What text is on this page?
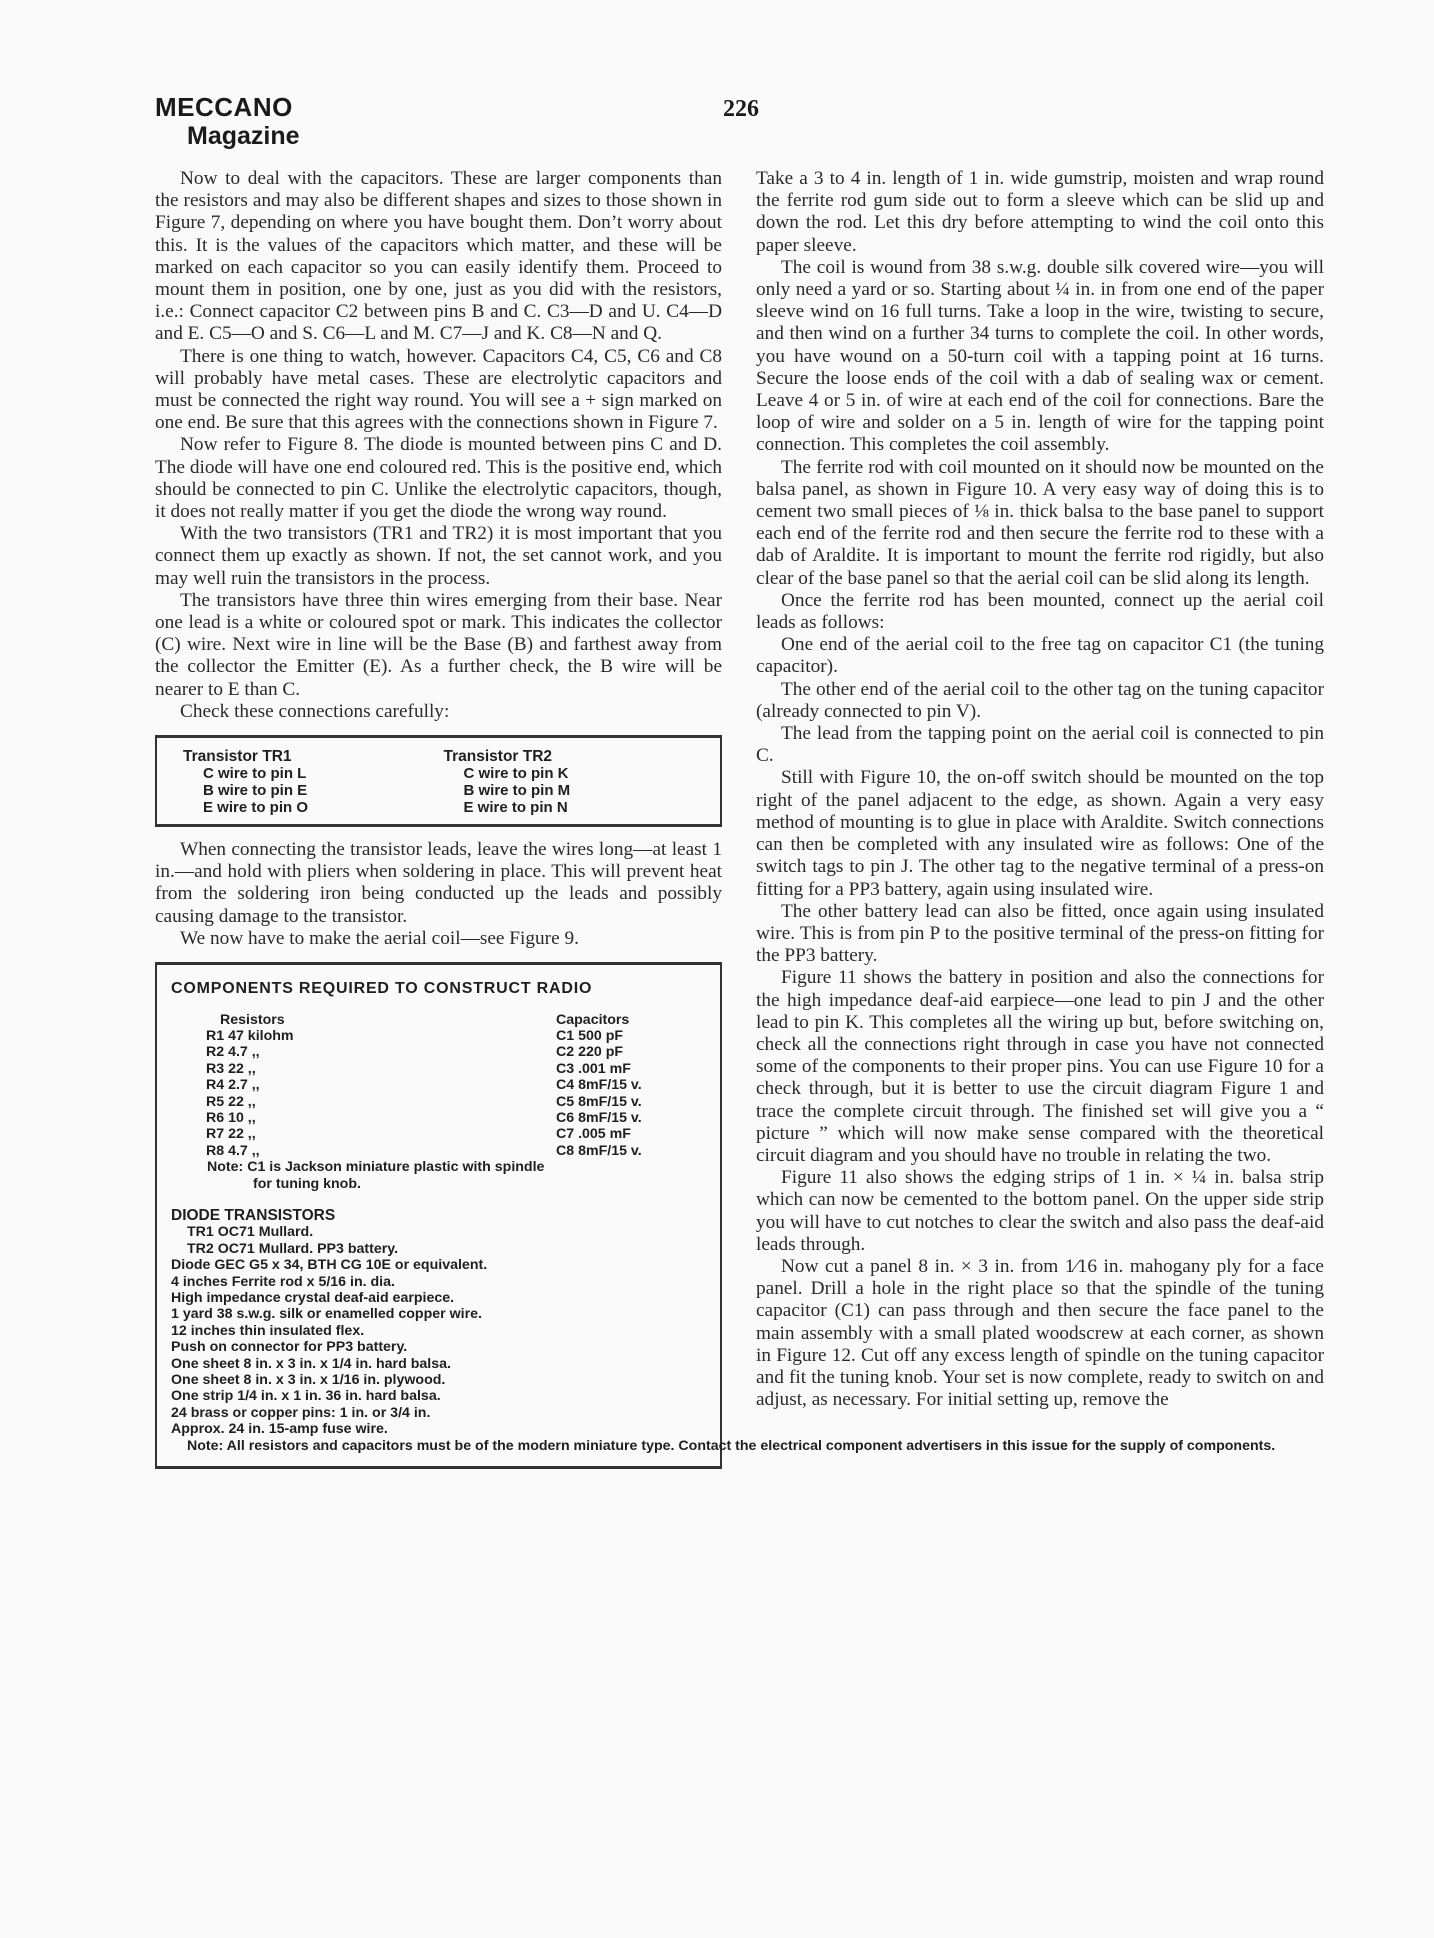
MECCANO
Magazine
226

Now to deal with the capacitors. These are larger components than the resistors and may also be different shapes and sizes to those shown in Figure 7, depending on where you have bought them. Don’t worry about this. It is the values of the capacitors which matter, and these will be marked on each capacitor so you can easily identify them. Proceed to mount them in position, one by one, just as you did with the resistors, i.e.: Connect capacitor C2 between pins B and C. C3—D and U. C4—D and E. C5—O and S. C6—L and M. C7—J and K. C8—N and Q.

There is one thing to watch, however. Capacitors C4, C5, C6 and C8 will probably have metal cases. These are electrolytic capacitors and must be connected the right way round. You will see a + sign marked on one end. Be sure that this agrees with the connections shown in Figure 7.

Now refer to Figure 8. The diode is mounted between pins C and D. The diode will have one end coloured red. This is the positive end, which should be connected to pin C. Unlike the electrolytic capacitors, though, it does not really matter if you get the diode the wrong way round.

With the two transistors (TR1 and TR2) it is most important that you connect them up exactly as shown. If not, the set cannot work, and you may well ruin the transistors in the process.

The transistors have three thin wires emerging from their base. Near one lead is a white or coloured spot or mark. This indicates the collector (C) wire. Next wire in line will be the Base (B) and farthest away from the collector the Emitter (E). As a further check, the B wire will be nearer to E than C.

Check these connections carefully:

Transistor TR1
C wire to pin L
B wire to pin E
E wire to pin O
Transistor TR2
C wire to pin K
B wire to pin M
E wire to pin N

When connecting the transistor leads, leave the wires long—at least 1 in.—and hold with pliers when soldering in place. This will prevent heat from the soldering iron being conducted up the leads and possibly causing damage to the transistor.

We now have to make the aerial coil—see Figure 9.

COMPONENTS REQUIRED TO CONSTRUCT RADIO
Resistors
R1 47 kilohm
R2 4.7 ,,
R3 22 ,,
R4 2.7 ,,
R5 22 ,,
R6 10 ,,
R7 22 ,,
R8 4.7 ,,
Capacitors
C1 500 pF
C2 220 pF
C3 .001 mF
C4 8mF/15 v.
C5 8mF/15 v.
C6 8mF/15 v.
C7 .005 mF
C8 8mF/15 v.
Note: C1 is Jackson miniature plastic with spindle
for tuning knob.
DIODE TRANSISTORS
TR1 OC71 Mullard.
TR2 OC71 Mullard. PP3 battery.
Diode GEC G5 x 34, BTH CG 10E or equivalent.
4 inches Ferrite rod x 5/16 in. dia.
High impedance crystal deaf-aid earpiece.
1 yard 38 s.w.g. silk or enamelled copper wire.
12 inches thin insulated flex.
Push on connector for PP3 battery.
One sheet 8 in. x 3 in. x 1/4 in. hard balsa.
One sheet 8 in. x 3 in. x 1/16 in. plywood.
One strip 1/4 in. x 1 in. 36 in. hard balsa.
24 brass or copper pins: 1 in. or 3/4 in.
Approx. 24 in. 15-amp fuse wire.
Note: All resistors and capacitors must be of the modern miniature type. Contact the electrical component advertisers in this issue for the supply of components.

Take a 3 to 4 in. length of 1 in. wide gumstrip, moisten and wrap round the ferrite rod gum side out to form a sleeve which can be slid up and down the rod. Let this dry before attempting to wind the coil onto this paper sleeve.

The coil is wound from 38 s.w.g. double silk covered wire—you will only need a yard or so. Starting about ¼ in. in from one end of the paper sleeve wind on 16 full turns. Take a loop in the wire, twisting to secure, and then wind on a further 34 turns to complete the coil. In other words, you have wound on a 50-turn coil with a tapping point at 16 turns. Secure the loose ends of the coil with a dab of sealing wax or cement. Leave 4 or 5 in. of wire at each end of the coil for connections. Bare the loop of wire and solder on a 5 in. length of wire for the tapping point connection. This completes the coil assembly.

The ferrite rod with coil mounted on it should now be mounted on the balsa panel, as shown in Figure 10. A very easy way of doing this is to cement two small pieces of ⅛ in. thick balsa to the base panel to support each end of the ferrite rod and then secure the ferrite rod to these with a dab of Araldite. It is important to mount the ferrite rod rigidly, but also clear of the base panel so that the aerial coil can be slid along its length.

Once the ferrite rod has been mounted, connect up the aerial coil leads as follows:

One end of the aerial coil to the free tag on capacitor C1 (the tuning capacitor).

The other end of the aerial coil to the other tag on the tuning capacitor (already connected to pin V).

The lead from the tapping point on the aerial coil is connected to pin C.

Still with Figure 10, the on-off switch should be mounted on the top right of the panel adjacent to the edge, as shown. Again a very easy method of mounting is to glue in place with Araldite. Switch connections can then be completed with any insulated wire as follows: One of the switch tags to pin J. The other tag to the negative terminal of a press-on fitting for a PP3 battery, again using insulated wire.

The other battery lead can also be fitted, once again using insulated wire. This is from pin P to the positive terminal of the press-on fitting for the PP3 battery.

Figure 11 shows the battery in position and also the connections for the high impedance deaf-aid earpiece—one lead to pin J and the other lead to pin K. This completes all the wiring up but, before switching on, check all the connections right through in case you have not connected some of the components to their proper pins. You can use Figure 10 for a check through, but it is better to use the circuit diagram Figure 1 and trace the complete circuit through. The finished set will give you a “ picture ” which will now make sense compared with the theoretical circuit diagram and you should have no trouble in relating the two.

Figure 11 also shows the edging strips of 1 in. × ¼ in. balsa strip which can now be cemented to the bottom panel. On the upper side strip you will have to cut notches to clear the switch and also pass the deaf-aid leads through.

Now cut a panel 8 in. × 3 in. from 1⁄16 in. mahogany ply for a face panel. Drill a hole in the right place so that the spindle of the tuning capacitor (C1) can pass through and then secure the face panel to the main assembly with a small plated woodscrew at each corner, as shown in Figure 12. Cut off any excess length of spindle on the tuning capacitor and fit the tuning knob. Your set is now complete, ready to switch on and adjust, as necessary. For initial setting up, remove the
